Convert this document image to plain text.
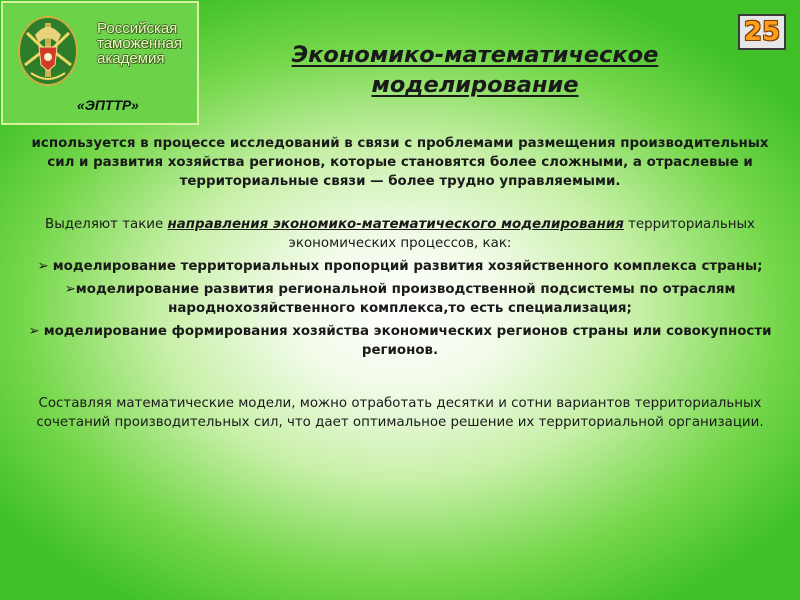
Российская
таможенная
академия
«ЭПТТР»
Экономико-математическое
моделирование
25

используется в процессе исследований в связи с проблемами размещения производительных сил и развития хозяйства регионов, которые становятся более сложными, а отраслевые и территориальные связи — более трудно управляемыми.

Выделяют такие направления экономико-математического моделирования территориальных экономических процессов, как:

➢ моделирование территориальных пропорций развития хозяйственного комплекса страны;

➢моделирование развития региональной производственной подсистемы по отраслям народнохозяйственного комплекса,то есть специализация;

➢ моделирование формирования хозяйства экономических регионов страны или совокупности регионов.

Составляя математические модели, можно отработать десятки и сотни вариантов территориальных сочетаний производительных сил, что дает оптимальное решение их территориальной организации.
